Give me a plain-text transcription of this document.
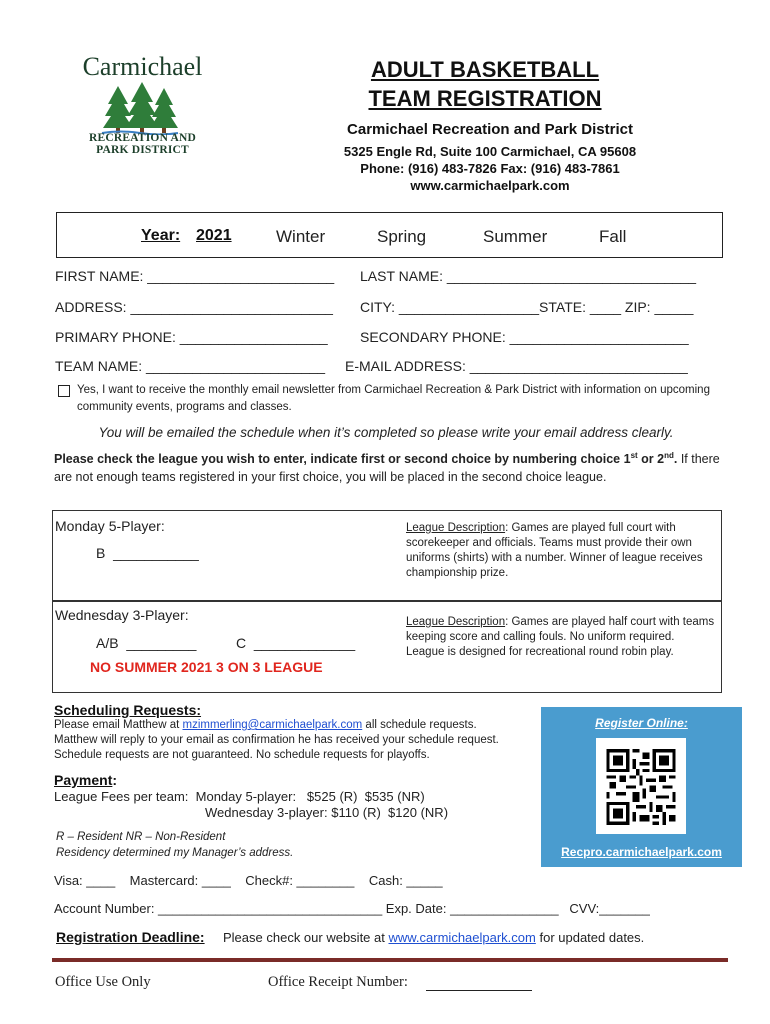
Carmichael
RECREATION AND
PARK DISTRICT
ADULT BASKETBALL
TEAM REGISTRATION
Carmichael Recreation and Park District
5325 Engle Rd, Suite 100 Carmichael, CA 95608
Phone: (916) 483-7826 Fax: (916) 483-7861
www.carmichaelpark.com
Year: 2021	Winter	Spring	Summer	Fall
FIRST NAME: ________________________ LAST NAME: ________________________________
ADDRESS: __________________________ CITY: __________________STATE: ____ ZIP: _____
PRIMARY PHONE: ___________________ SECONDARY PHONE: _______________________
TEAM NAME: _______________________ E-MAIL ADDRESS: ____________________________
Yes, I want to receive the monthly email newsletter from Carmichael Recreation & Park District with information on upcoming community events, programs and classes.
You will be emailed the schedule when it’s completed so please write your email address clearly.
Please check the league you wish to enter, indicate first or second choice by numbering choice 1st or 2nd. If there are not enough teams registered in your first choice, you will be placed in the second choice league.
Monday 5-Player:
B  ___________
League Description: Games are played full court with scorekeeper and officials. Teams must provide their own uniforms (shirts) with a number. Winner of league receives championship prize.
Wednesday 3-Player:
A/B  _________	C  _____________
League Description: Games are played half court with teams keeping score and calling fouls. No uniform required. League is designed for recreational round robin play.
NO SUMMER 2021 3 ON 3 LEAGUE
Scheduling Requests:
Please email Matthew at mzimmerling@carmichaelpark.com all schedule requests.
Matthew will reply to your email as confirmation he has received your schedule request.
Schedule requests are not guaranteed. No schedule requests for playoffs.
Register Online:
Recpro.carmichaelpark.com
Payment:
League Fees per team:  Monday 5-player:   $525 (R)  $535 (NR)
Wednesday 3-player: $110 (R)  $120 (NR)
R – Resident NR – Non-Resident
Residency determined my Manager’s address.
Visa: ____    Mastercard: ____    Check#: ________    Cash: _____
Account Number: _______________________________ Exp. Date: _______________   CVV:_______
Registration Deadline: Please check our website at www.carmichaelpark.com for updated dates.
Office Use Only	Office Receipt Number:
